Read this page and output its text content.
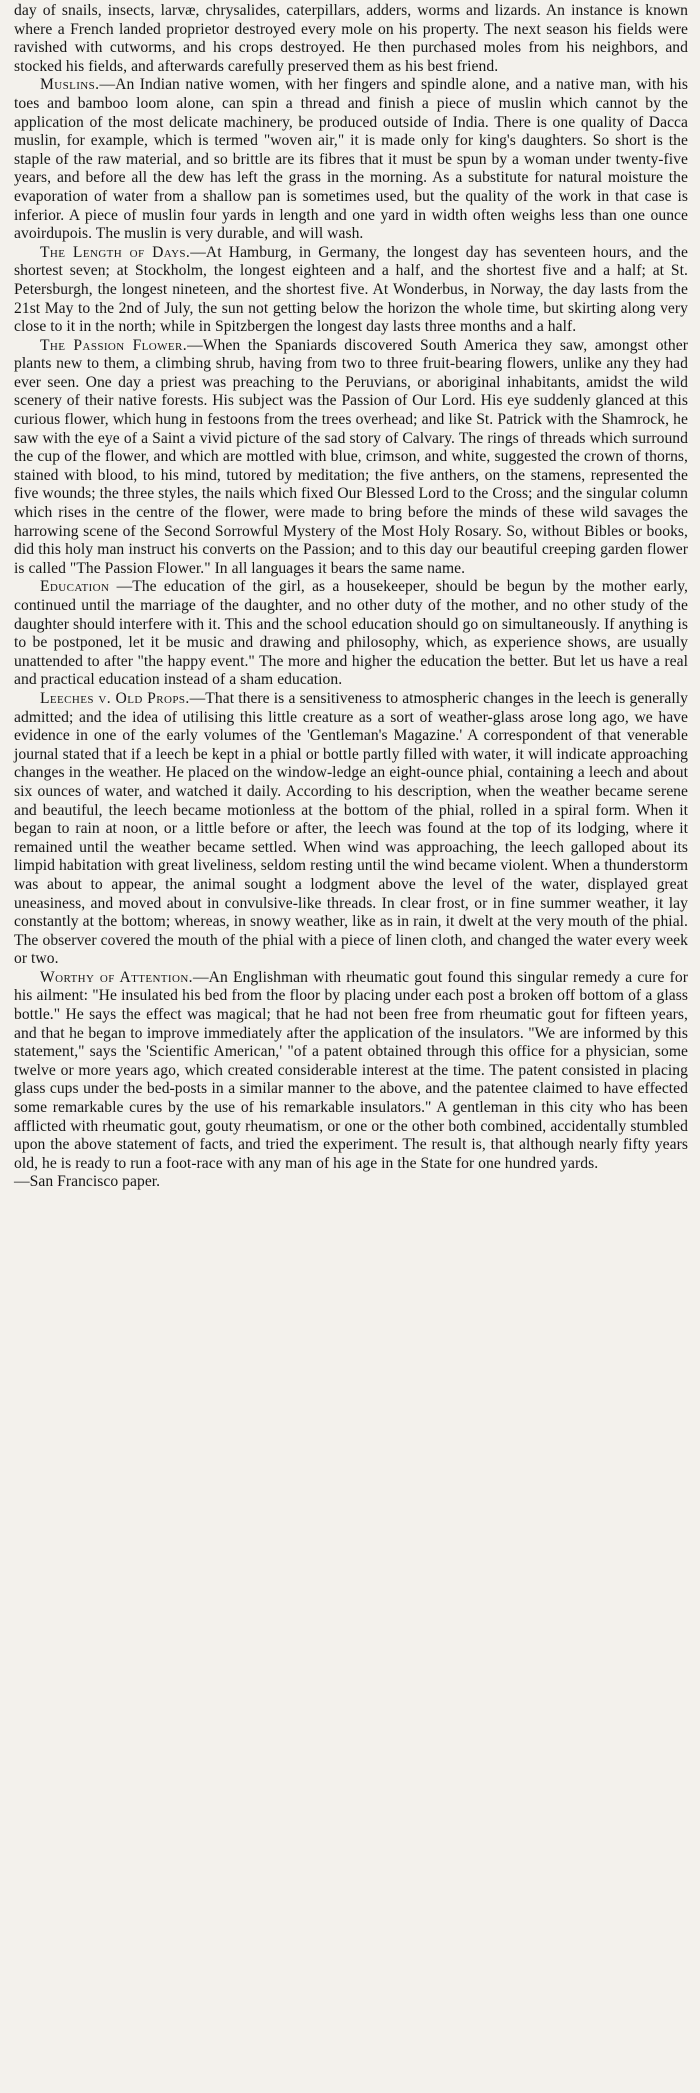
day of snails, insects, larvæ, chrysalides, caterpillars, adders, worms and lizards. An instance is known where a French landed proprietor destroyed every mole on his property. The next season his fields were ravished with cutworms, and his crops destroyed. He then purchased moles from his neighbors, and stocked his fields, and afterwards carefully preserved them as his best friend.

Muslins.—An Indian native women, with her fingers and spindle alone, and a native man, with his toes and bamboo loom alone, can spin a thread and finish a piece of muslin which cannot by the application of the most delicate machinery, be produced outside of India. There is one quality of Dacca muslin, for example, which is termed "woven air," it is made only for king's daughters. So short is the staple of the raw material, and so brittle are its fibres that it must be spun by a woman under twenty-five years, and before all the dew has left the grass in the morning. As a substitute for natural moisture the evaporation of water from a shallow pan is sometimes used, but the quality of the work in that case is inferior. A piece of muslin four yards in length and one yard in width often weighs less than one ounce avoirdupois. The muslin is very durable, and will wash.

The Length of Days.—At Hamburg, in Germany, the longest day has seventeen hours, and the shortest seven; at Stockholm, the longest eighteen and a half, and the shortest five and a half; at St. Petersburgh, the longest nineteen, and the shortest five. At Wonderbus, in Norway, the day lasts from the 21st May to the 2nd of July, the sun not getting below the horizon the whole time, but skirting along very close to it in the north; while in Spitzbergen the longest day lasts three months and a half.

The Passion Flower.—When the Spaniards discovered South America they saw, amongst other plants new to them, a climbing shrub, having from two to three fruit-bearing flowers, unlike any they had ever seen. One day a priest was preaching to the Peruvians, or aboriginal inhabitants, amidst the wild scenery of their native forests. His subject was the Passion of Our Lord. His eye suddenly glanced at this curious flower, which hung in festoons from the trees overhead; and like St. Patrick with the Shamrock, he saw with the eye of a Saint a vivid picture of the sad story of Calvary. The rings of threads which surround the cup of the flower, and which are mottled with blue, crimson, and white, suggested the crown of thorns, stained with blood, to his mind, tutored by meditation; the five anthers, on the stamens, represented the five wounds; the three styles, the nails which fixed Our Blessed Lord to the Cross; and the singular column which rises in the centre of the flower, were made to bring before the minds of these wild savages the harrowing scene of the Second Sorrowful Mystery of the Most Holy Rosary. So, without Bibles or books, did this holy man instruct his converts on the Passion; and to this day our beautiful creeping garden flower is called "The Passion Flower." In all languages it bears the same name.

Education —The education of the girl, as a housekeeper, should be begun by the mother early, continued until the marriage of the daughter, and no other duty of the mother, and no other study of the daughter should interfere with it. This and the school education should go on simultaneously. If anything is to be postponed, let it be music and drawing and philosophy, which, as experience shows, are usually unattended to after "the happy event." The more and higher the education the better. But let us have a real and practical education instead of a sham education.

Leeches v. Old Props.—That there is a sensitiveness to atmospheric changes in the leech is generally admitted; and the idea of utilising this little creature as a sort of weather-glass arose long ago, we have evidence in one of the early volumes of the 'Gentleman's Magazine.' A correspondent of that venerable journal stated that if a leech be kept in a phial or bottle partly filled with water, it will indicate approaching changes in the weather. He placed on the window-ledge an eight-ounce phial, containing a leech and about six ounces of water, and watched it daily. According to his description, when the weather became serene and beautiful, the leech became motionless at the bottom of the phial, rolled in a spiral form. When it began to rain at noon, or a little before or after, the leech was found at the top of its lodging, where it remained until the weather became settled. When wind was approaching, the leech galloped about its limpid habitation with great liveliness, seldom resting until the wind became violent. When a thunderstorm was about to appear, the animal sought a lodgment above the level of the water, displayed great uneasiness, and moved about in convulsive-like threads. In clear frost, or in fine summer weather, it lay constantly at the bottom; whereas, in snowy weather, like as in rain, it dwelt at the very mouth of the phial. The observer covered the mouth of the phial with a piece of linen cloth, and changed the water every week or two.

Worthy of Attention.—An Englishman with rheumatic gout found this singular remedy a cure for his ailment: "He insulated his bed from the floor by placing under each post a broken off bottom of a glass bottle." He says the effect was magical; that he had not been free from rheumatic gout for fifteen years, and that he began to improve immediately after the application of the insulators. "We are informed by this statement," says the 'Scientific American,' "of a patent obtained through this office for a physician, some twelve or more years ago, which created considerable interest at the time. The patent consisted in placing glass cups under the bed-posts in a similar manner to the above, and the patentee claimed to have effected some remarkable cures by the use of his remarkable insulators." A gentleman in this city who has been afflicted with rheumatic gout, gouty rheumatism, or one or the other both combined, accidentally stumbled upon the above statement of facts, and tried the experiment. The result is, that although nearly fifty years old, he is ready to run a foot-race with any man of his age in the State for one hundred yards.
—San Francisco paper.
